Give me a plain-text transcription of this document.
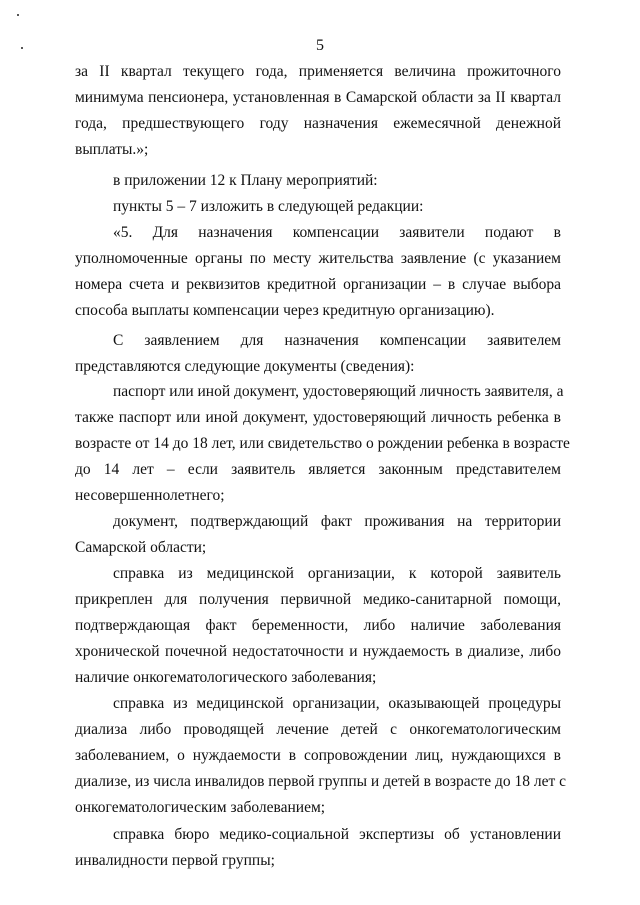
5
за II квартал текущего года, применяется величина прожиточного
минимума пенсионера, установленная в Самарской области за II квартал
года, предшествующего году назначения ежемесячной денежной
выплаты.»;
в приложении 12 к Плану мероприятий:
пункты 5 – 7 изложить в следующей редакции:
«5. Для назначения компенсации заявители подают в
уполномоченные органы по месту жительства заявление (с указанием
номера счета и реквизитов кредитной организации – в случае выбора
способа выплаты компенсации через кредитную организацию).
С заявлением для назначения компенсации заявителем
представляются следующие документы (сведения):
паспорт или иной документ, удостоверяющий личность заявителя, а
также паспорт или иной документ, удостоверяющий личность ребенка в
возрасте от 14 до 18 лет, или свидетельство о рождении ребенка в возрасте
до 14 лет – если заявитель является законным представителем
несовершеннолетнего;
документ, подтверждающий факт проживания на территории
Самарской области;
справка из медицинской организации, к которой заявитель
прикреплен для получения первичной медико-санитарной помощи,
подтверждающая факт беременности, либо наличие заболевания
хронической почечной недостаточности и нуждаемость в диализе, либо
наличие онкогематологического заболевания;
справка из медицинской организации, оказывающей процедуры
диализа либо проводящей лечение детей с онкогематологическим
заболеванием, о нуждаемости в сопровождении лиц, нуждающихся в
диализе, из числа инвалидов первой группы и детей в возрасте до 18 лет с
онкогематологическим заболеванием;
справка бюро медико-социальной экспертизы об установлении
инвалидности первой группы;
